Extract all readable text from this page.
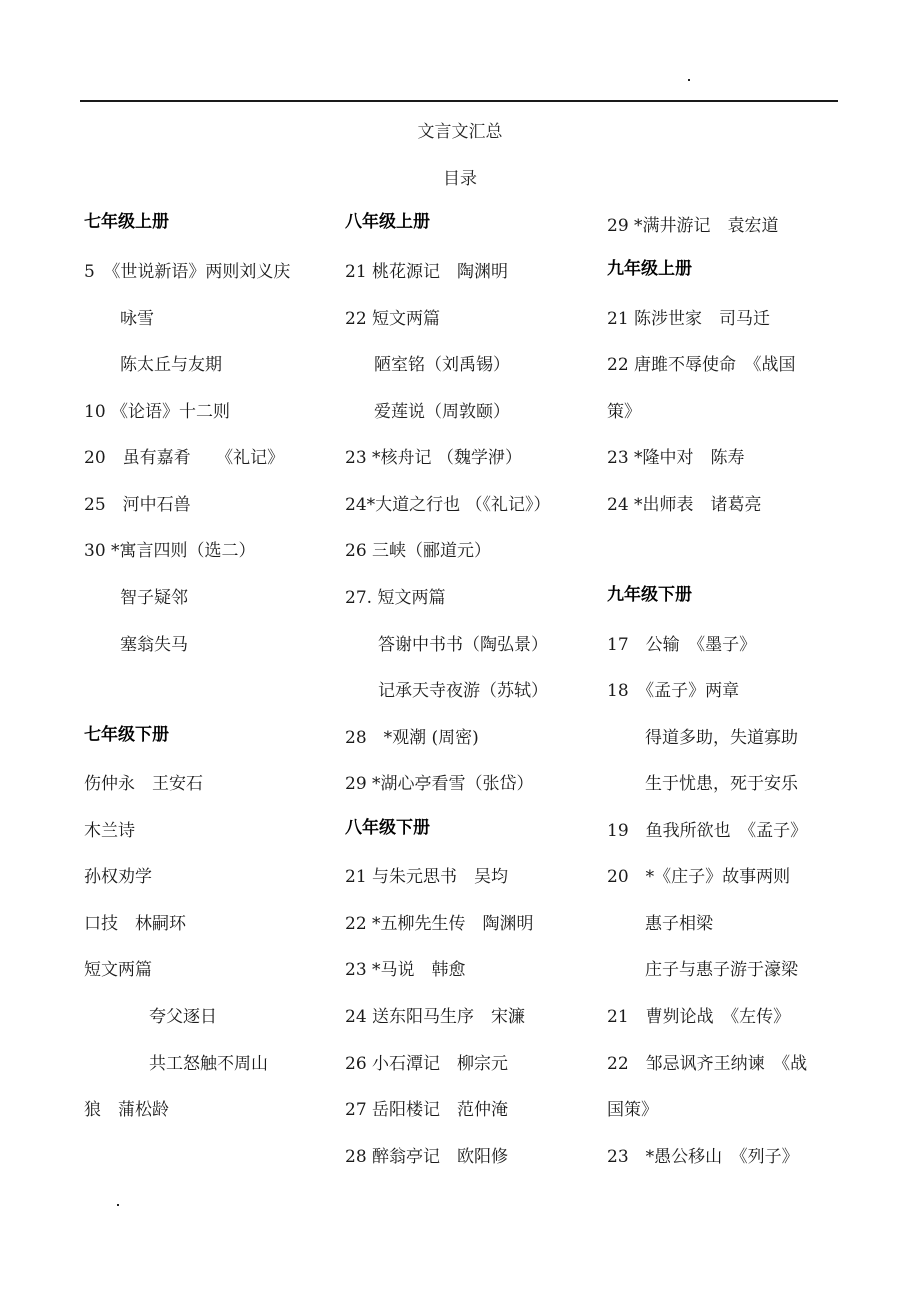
文言文汇总
目录
七年级上册
5　《世说新语》两则刘义庆
　咏雪
　陈太丘与友期
10 《论语》十二则
20　虽有嘉肴　　《礼记》
25　河中石兽
30 *寓言四则（选二）
　智子疑邻
　塞翁失马
七年级下册
伤仲永　王安石
木兰诗
孙权劝学
口技　林嗣环
短文两篇
　　夸父逐日
　　共工怒触不周山
狼　蒲松龄
八年级上册
21 桃花源记　陶渊明
22 短文两篇
　陋室铭（刘禹锡）
　爱莲说（周敦颐）
23 *核舟记 （魏学洢）
24*大道之行也 （《礼记》）
26 三峡（郦道元）
27. 短文两篇
　答谢中书书（陶弘景）
　记承天寺夜游（苏轼）
28　*观潮 (周密)
29 *湖心亭看雪（张岱）
八年级下册
21 与朱元思书　吴均
22 *五柳先生传　陶渊明
23 *马说　韩愈
24 送东阳马生序　宋濂
26 小石潭记　柳宗元
27 岳阳楼记　范仲淹
28 醉翁亭记　欧阳修
29 *满井游记　袁宏道
九年级上册
21 陈涉世家　司马迁
22 唐雎不辱使命　《战国
策》
23 *隆中对　陈寿
24 *出师表　诸葛亮
九年级下册
17　公输　《墨子》
18　《孟子》两章
　得道多助，失道寡助
　生于忧患，死于安乐
19　鱼我所欲也　《孟子》
20　*《庄子》故事两则
　惠子相梁
　庄子与惠子游于濠梁
21　曹刿论战　《左传》
22　邹忌讽齐王纳谏　《战
国策》
23　*愚公移山　《列子》
